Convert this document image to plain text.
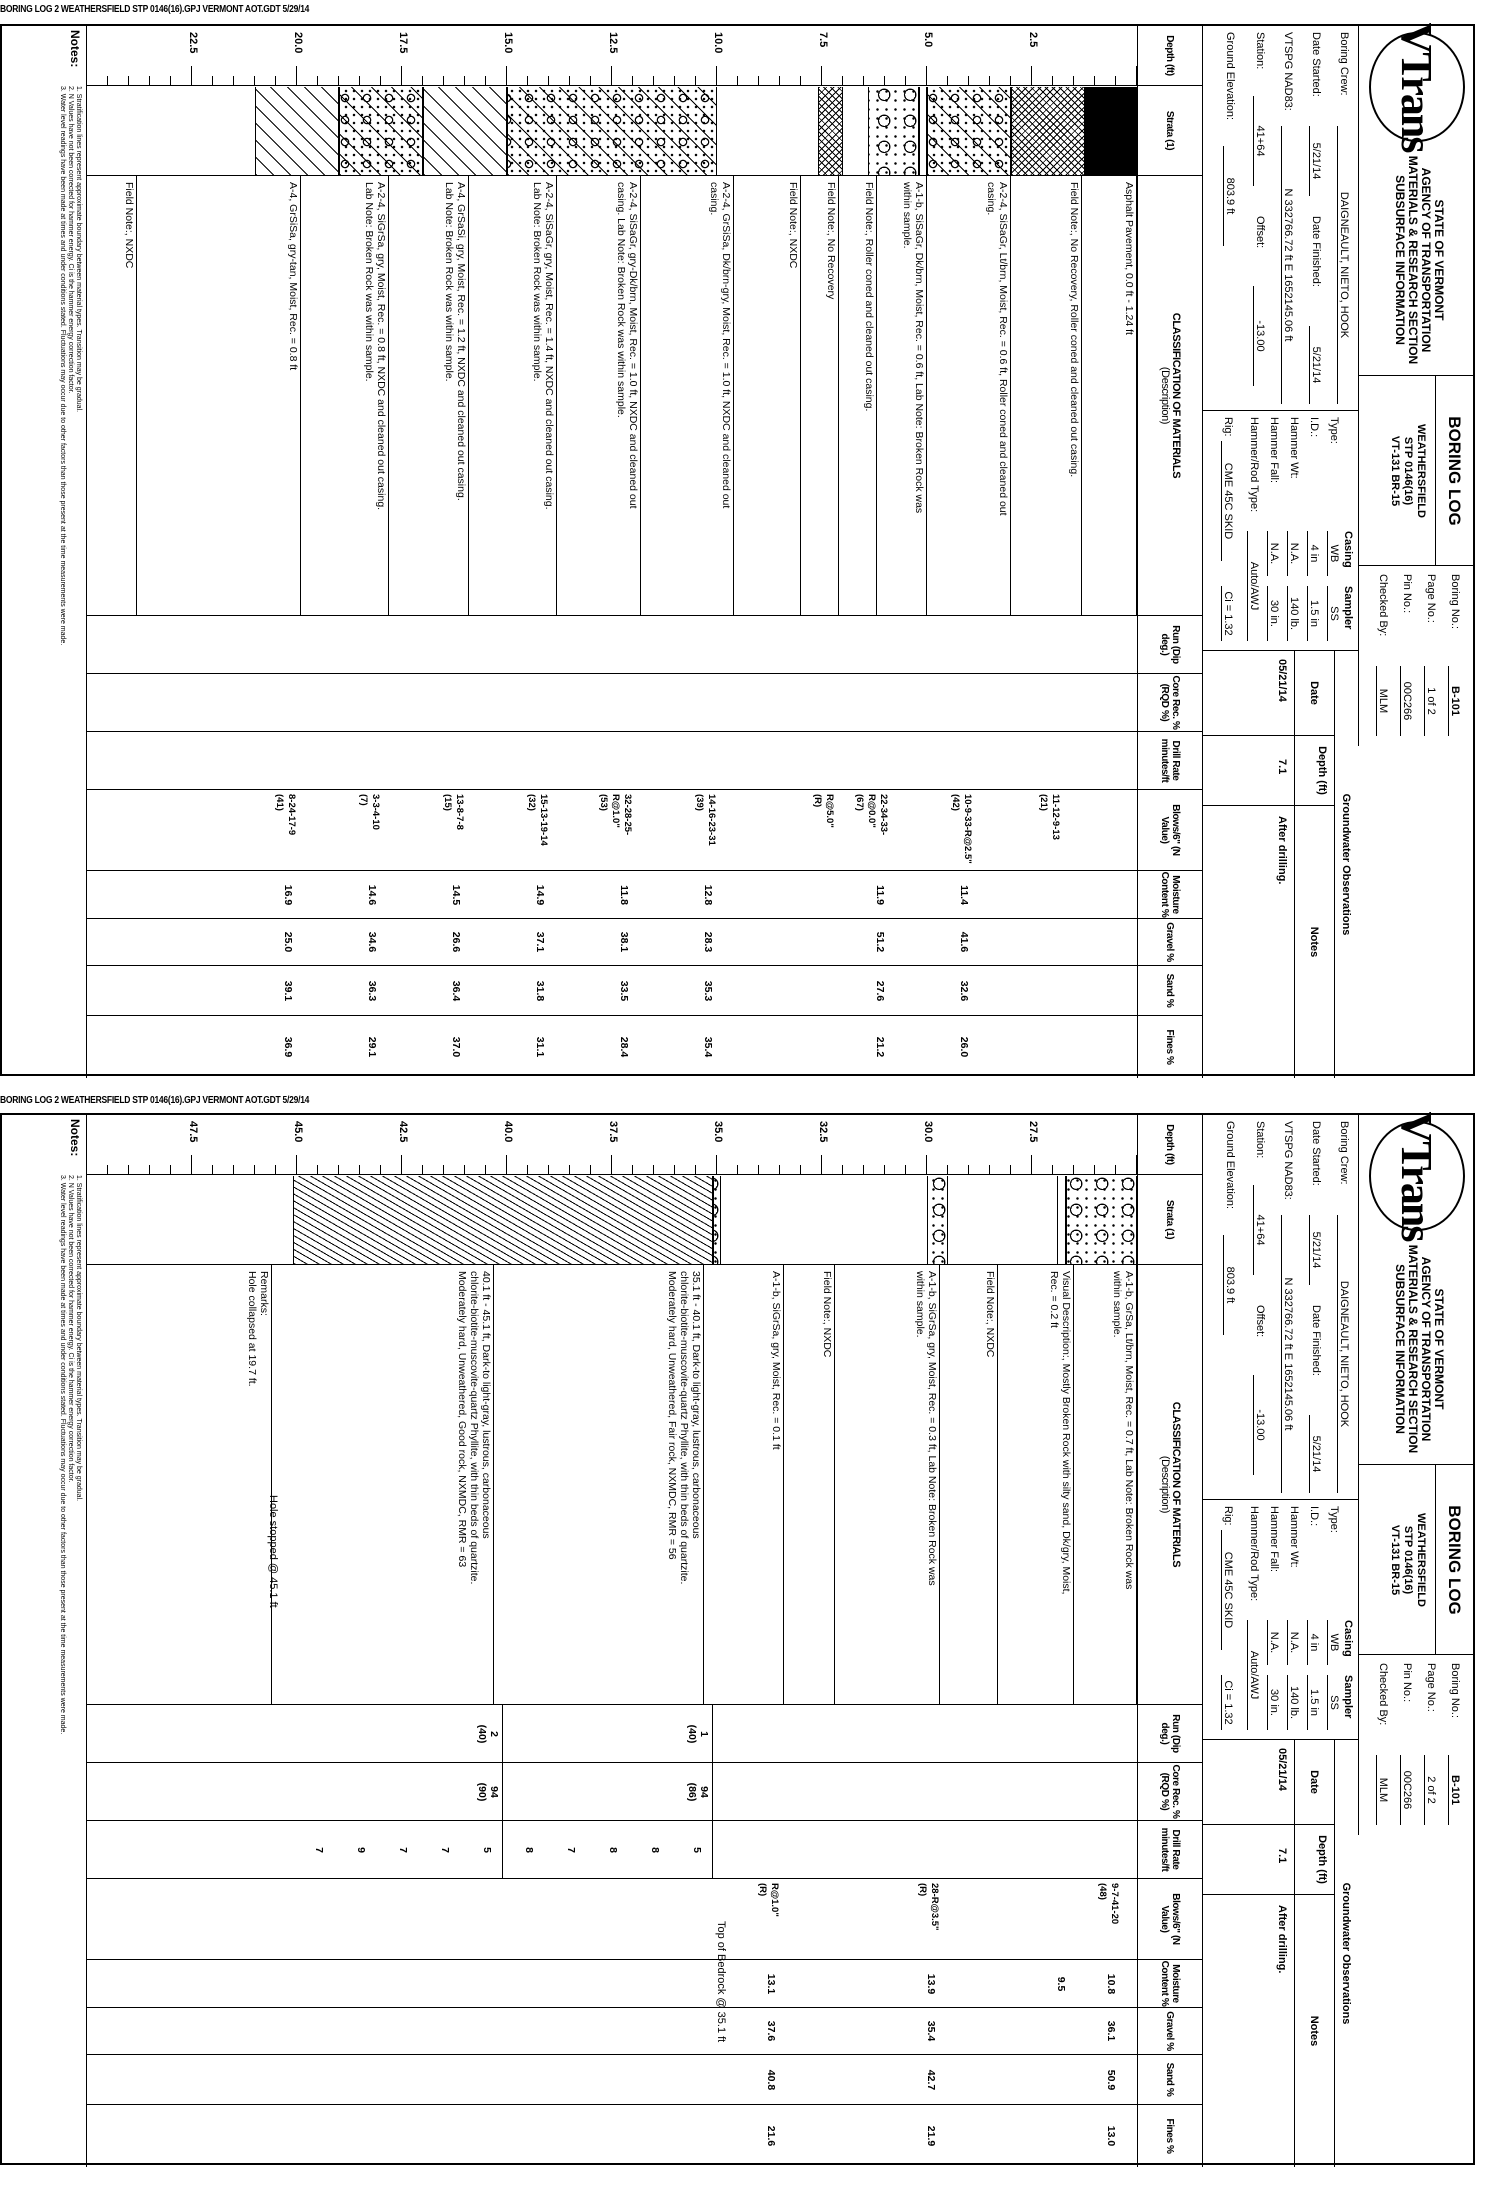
BORING LOG 2 WEATHERSFIELD STP 0146(16).GPJ VERMONT AOT.GDT 5/29/14
BORING LOG 2 WEATHERSFIELD STP 0146(16).GPJ VERMONT AOT.GDT 5/29/14
VTrans
STATE OF VERMONT
AGENCY OF TRANSPORTATION
MATERIALS & RESEARCH SECTION
SUBSURFACE INFORMATION
BORING LOG
WEATHERSFIELD
STP 0146(16)
VT-131 BR-15
Boring No.:
B-101
Page No.:
1 of 2
Pin No.:
00C266
Checked By:
MLM
Boring Crew:
DAIGNEAULT, NIETO, HOOK
Date Started:
5/21/14
Date Finished:
5/21/14
VTSPG NAD83:
N 332766.72 ft E 1652145.06 ft
Station:
41+64
Offset:
-13.00
Ground Elevation:
803.9 ft
Casing
Sampler
Type:
WB
SS
I.D.:
4 in
1.5 in
Hammer Wt:
N.A.
140 lb.
Hammer Fall:
N.A.
30 in.
Hammer/Rod Type:
Auto/AWJ
Rig:
CME 45C SKID
Ci = 1.32
Groundwater Observations
Date
Depth (ft)
Notes
05/21/14
7.1
After drilling.
Depth (ft)
Strata (1)
CLASSIFICATION OF MATERIALS
(Description)
Run (Dip deg.)
Core Rec. % (RQD %)
Drill Rate minutes/ft
Blows/6" (N Value)
Moisture Content %
Gravel %
Sand %
Fines %
2.5
5.0
7.5
10.0
12.5
15.0
17.5
20.0
22.5
Asphalt Pavement, 0.0 ft - 1.24 ft
Field Note:, No Recovery, Roller coned and cleaned out casing.
A-2-4, SiSaGr, Lt/brn, Moist, Rec. = 0.6 ft, Roller coned and cleaned out
casing.
A-1-b, SiSaGr, Dk/brn, Moist, Rec. = 0.6 ft, Lab Note: Broken Rock was
within sample.
Field Note:, Roller coned and cleaned out casing.
Field Note:, No Recovery
Field Note:, NXDC
A-2-4, GrSiSa, Dk/brn-gry, Moist, Rec. = 1.0 ft, NXDC and cleaned out
casing.
A-2-4, SiSaGr, gry-Dk/brn, Moist, Rec. = 1.0 ft, NXDC and cleaned out
casing. Lab Note: Broken Rock was within sample.
A-2-4, SiSaGr, gry, Moist, Rec. = 1.4 ft, NXDC and cleaned out casing.
Lab Note: Broken Rock was within sample.
A-4, GrSaSi, gry, Moist, Rec. = 1.2 ft, NXDC and cleaned out casing.
Lab Note: Broken Rock was within sample.
A-2-4, SiGrSa, gry, Moist, Rec. = 0.8 ft, NXDC and cleaned out casing.
Lab Note: Broken Rock was within sample.
A-4, GrSiSa, gry-tan, Moist, Rec. = 0.8 ft
Field Note:, NXDC
11-12-9-13
(21)
10-9-33-R@2.5"
(42)
11.4
41.6
32.6
26.0
22-34-33-R@0.0"
(67)
11.9
51.2
27.6
21.2
R@5.0"
(R)
14-16-23-31
(39)
12.8
28.3
35.3
35.4
32-28-25-R@1.0"
(53)
11.8
38.1
33.5
28.4
15-13-19-14
(32)
14.9
37.1
31.8
31.1
13-8-7-8
(15)
14.5
26.6
36.4
37.0
3-3-4-10
(7)
14.6
34.6
36.3
29.1
8-24-17-9
(41)
16.9
25.0
39.1
36.9
Notes:
1. Stratification lines represent approximate boundary between material types. Transition may be gradual.
2. N Values have not been corrected for hammer energy. Ci is the hammer energy correction factor.
3. Water level readings have been made at times and under conditions stated. Fluctuations may occur due to other factors than those present at the time measurements were made.
VTrans
STATE OF VERMONT
AGENCY OF TRANSPORTATION
MATERIALS & RESEARCH SECTION
SUBSURFACE INFORMATION
BORING LOG
WEATHERSFIELD
STP 0146(16)
VT-131 BR-15
Boring No.:
B-101
Page No.:
2 of 2
Pin No.:
00C266
Checked By:
MLM
Boring Crew:
DAIGNEAULT, NIETO, HOOK
Date Started:
5/21/14
Date Finished:
5/21/14
VTSPG NAD83:
N 332766.72 ft E 1652145.06 ft
Station:
41+64
Offset:
-13.00
Ground Elevation:
803.9 ft
Casing
Sampler
Type:
WB
SS
I.D.:
4 in
1.5 in
Hammer Wt:
N.A.
140 lb.
Hammer Fall:
N.A.
30 in.
Hammer/Rod Type:
Auto/AWJ
Rig:
CME 45C SKID
Ci = 1.32
Groundwater Observations
Date
Depth (ft)
Notes
05/21/14
7.1
After drilling.
Depth (ft)
Strata (1)
CLASSIFICATION OF MATERIALS
(Description)
Run (Dip deg.)
Core Rec. % (RQD %)
Drill Rate minutes/ft
Blows/6" (N Value)
Moisture Content %
Gravel %
Sand %
Fines %
27.5
30.0
32.5
35.0
37.5
40.0
42.5
45.0
47.5
A-1-b, GrSa, Lt/brn, Moist, Rec. = 0.7 ft, Lab Note: Broken Rock was
within sample.
Visual Description:, Mostly Broken Rock with silty sand, Dk/gry, Moist,
Rec. = 0.2 ft
Field Note:, NXDC
A-1-b, SiGrSa, gry, Moist, Rec. = 0.3 ft, Lab Note: Broken Rock was
within sample.
Field Note:, NXDC
A-1-b, SiGrSa, gry, Moist, Rec. = 0.1 ft
35.1 ft - 40.1 ft, Dark-to light-gray, lustrous, carbonaceous
chlorite-biotite-muscovite-quartz Phyllite, with thin beds of quartzite.
Moderately hard, Unweathered, Fair rock, NXMDC, RMR = 56
40.1 ft - 45.1 ft, Dark-to light-gray, lustrous, carbonaceous
chlorite-biotite-muscovite-quartz Phyllite, with thin beds of quartzite.
Moderately hard, Unweathered, Good rock, NXMDC, RMR = 63
Remarks:
Hole collapsed at 19.7 ft.
Hole stopped @ 45.1 ft
Top of Bedrock @ 35.1 ft
9-7-41-20
(48)
10.8
36.1
50.9
13.0
9.5
28-R@3.5"
(R)
13.9
35.4
42.7
21.9
R@1.0"
(R)
13.1
37.6
40.8
21.6
1
(40)
94
(86)
2
(40)
94
(90)
5
8
8
7
8
5
7
7
9
7
Notes:
1. Stratification lines represent approximate boundary between material types. Transition may be gradual.
2. N Values have not been corrected for hammer energy. Ci is the hammer energy correction factor.
3. Water level readings have been made at times and under conditions stated. Fluctuations may occur due to other factors than those present at the time measurements were made.
